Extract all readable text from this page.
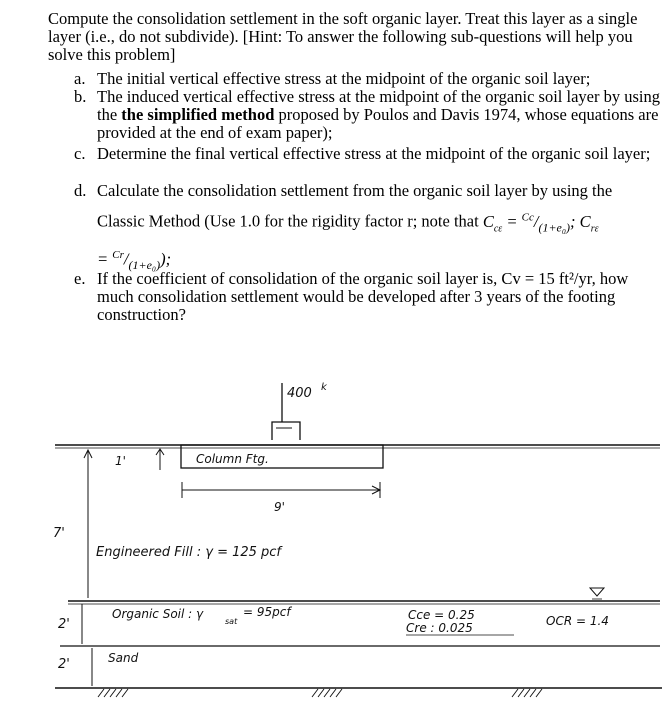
Compute the consolidation settlement in the soft organic layer. Treat this layer as a single layer (i.e., do not subdivide). [Hint: To answer the following sub-questions will help you solve this problem]
a. The initial vertical effective stress at the midpoint of the organic soil layer;
b. The induced vertical effective stress at the midpoint of the organic soil layer by using the the simplified method proposed by Poulos and Davis 1974, whose equations are provided at the end of exam paper);
c. Determine the final vertical effective stress at the midpoint of the organic soil layer;
d. Calculate the consolidation settlement from the organic soil layer by using the
Classic Method (Use 1.0 for the rigidity factor r; note that $C_{c\varepsilon} = ^{Cc}/_{(1+e_0)}$; $C_{r\varepsilon}$
= $^{Cr}/_{(1+e_0)}$);
e. If the coefficient of consolidation of the organic soil layer is, Cv = 15 ft²/yr, how much consolidation settlement would be developed after 3 years of the footing construction?
400 k
Column Ftg.
1'
9'
7'
Engineered Fill : γ = 125 pcf
2'
Organic Soil : γ
sat
= 95pcf	Cce = 0.25
Cre : 0.025	OCR = 1.4
2'	Sand
